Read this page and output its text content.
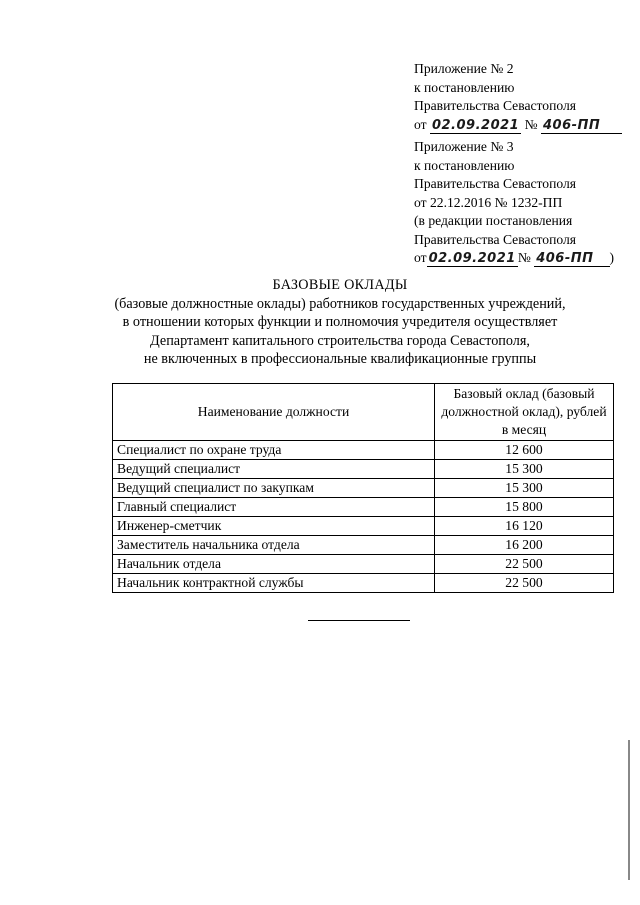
Приложение № 2
к постановлению
Правительства Севастополя
от 02.09.2021 № 406-ПП
Приложение № 3
к постановлению
Правительства Севастополя
от 22.12.2016 № 1232-ПП
(в редакции постановления
Правительства Севастополя
от 02.09.2021 № 406-ПП )
БАЗОВЫЕ ОКЛАДЫ
(базовые должностные оклады) работников государственных учреждений,
в отношении которых функции и полномочия учредителя осуществляет
Департамент капитального строительства города Севастополя,
не включенных в профессиональные квалификационные группы
Наименование должности	Базовый оклад (базовый должностной оклад), рублей в месяц
Специалист по охране труда	12 600
Ведущий специалист	15 300
Ведущий специалист по закупкам	15 300
Главный специалист	15 800
Инженер-сметчик	16 120
Заместитель начальника отдела	16 200
Начальник отдела	22 500
Начальник контрактной службы	22 500
